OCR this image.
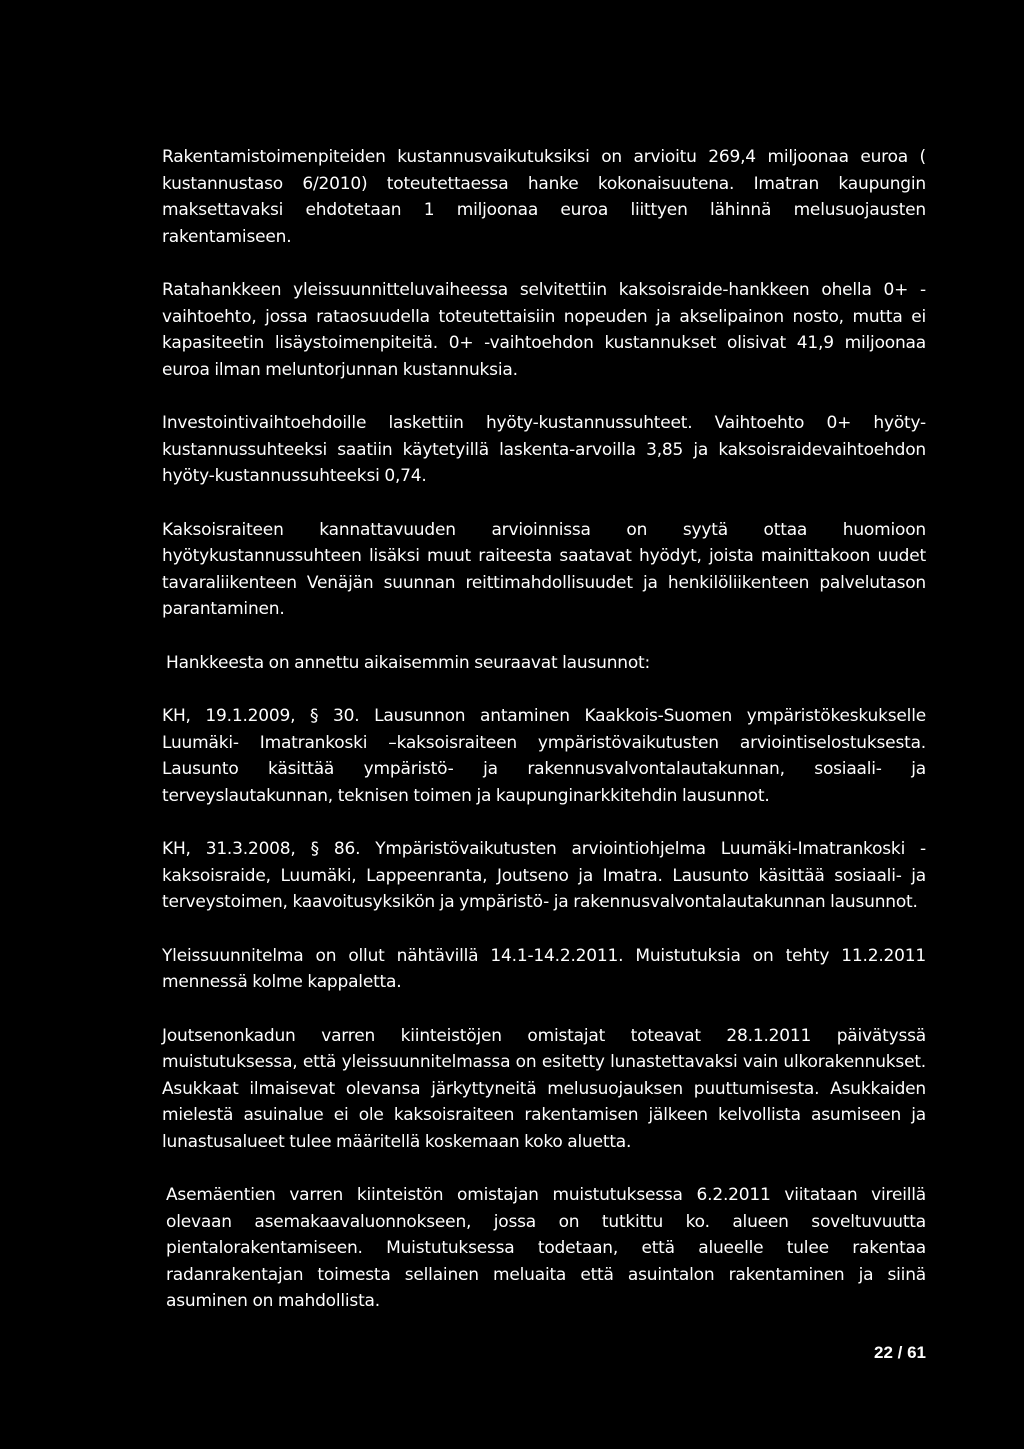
Rakentamistoimenpiteiden kustannusvaikutuksiksi on arvioitu 269,4 miljoonaa euroa ( kustannustaso 6/2010) toteutettaessa hanke kokonaisuutena. Imatran kaupungin maksettavaksi ehdotetaan 1 miljoonaa euroa liittyen lähinnä melusuojausten rakentamiseen.

Ratahankkeen yleissuunnitteluvaiheessa selvitettiin kaksoisraide-hankkeen ohella 0+ - vaihtoehto, jossa rataosuudella toteutettaisiin nopeuden ja akselipainon nosto, mutta ei kapasiteetin lisäystoimenpiteitä. 0+ -vaihtoehdon kustannukset olisivat 41,9 miljoonaa euroa ilman meluntorjunnan kustannuksia.

Investointivaihtoehdoille laskettiin hyöty-kustannussuhteet. Vaihtoehto 0+ hyöty-kustannussuhteeksi saatiin käytetyillä laskenta-arvoilla 3,85 ja kaksoisraidevaihtoehdon hyöty-kustannussuhteeksi 0,74.

Kaksoisraiteen kannattavuuden arvioinnissa on syytä ottaa huomioon hyötykustannussuhteen lisäksi muut raiteesta saatavat hyödyt, joista mainittakoon uudet tavaraliikenteen Venäjän suunnan reittimahdollisuudet ja henkilöliikenteen palvelutason parantaminen.

Hankkeesta on annettu aikaisemmin seuraavat lausunnot:

KH, 19.1.2009, § 30. Lausunnon antaminen Kaakkois-Suomen ympäristökeskukselle Luumäki- Imatrankoski –kaksoisraiteen ympäristövaikutusten arviointiselostuksesta. Lausunto käsittää ympäristö- ja rakennusvalvontalautakunnan, sosiaali- ja terveyslautakunnan, teknisen toimen ja kaupunginarkkitehdin lausunnot.

KH, 31.3.2008, § 86. Ympäristövaikutusten arviointiohjelma Luumäki-Imatrankoski -kaksoisraide, Luumäki, Lappeenranta, Joutseno ja Imatra. Lausunto käsittää sosiaali- ja terveystoimen, kaavoitusyksikön ja ympäristö- ja rakennusvalvontalautakunnan lausunnot.

Yleissuunnitelma on ollut nähtävillä 14.1-14.2.2011. Muistutuksia on tehty 11.2.2011 mennessä kolme kappaletta.

Joutsenonkadun varren kiinteistöjen omistajat toteavat 28.1.2011 päivätyssä muistutuksessa, että yleissuunnitelmassa on esitetty lunastettavaksi vain ulkorakennukset. Asukkaat ilmaisevat olevansa järkyttyneitä melusuojauksen puuttumisesta. Asukkaiden mielestä asuinalue ei ole kaksoisraiteen rakentamisen jälkeen kelvollista asumiseen ja lunastusalueet tulee määritellä koskemaan koko aluetta.

Asemäentien varren kiinteistön omistajan muistutuksessa 6.2.2011 viitataan vireillä olevaan asemakaavaluonnokseen, jossa on tutkittu ko. alueen soveltuvuutta pientalorakentamiseen. Muistutuksessa todetaan, että alueelle tulee rakentaa radanrakentajan toimesta sellainen meluaita että asuintalon rakentaminen ja siinä asuminen on mahdollista.

22 / 61
